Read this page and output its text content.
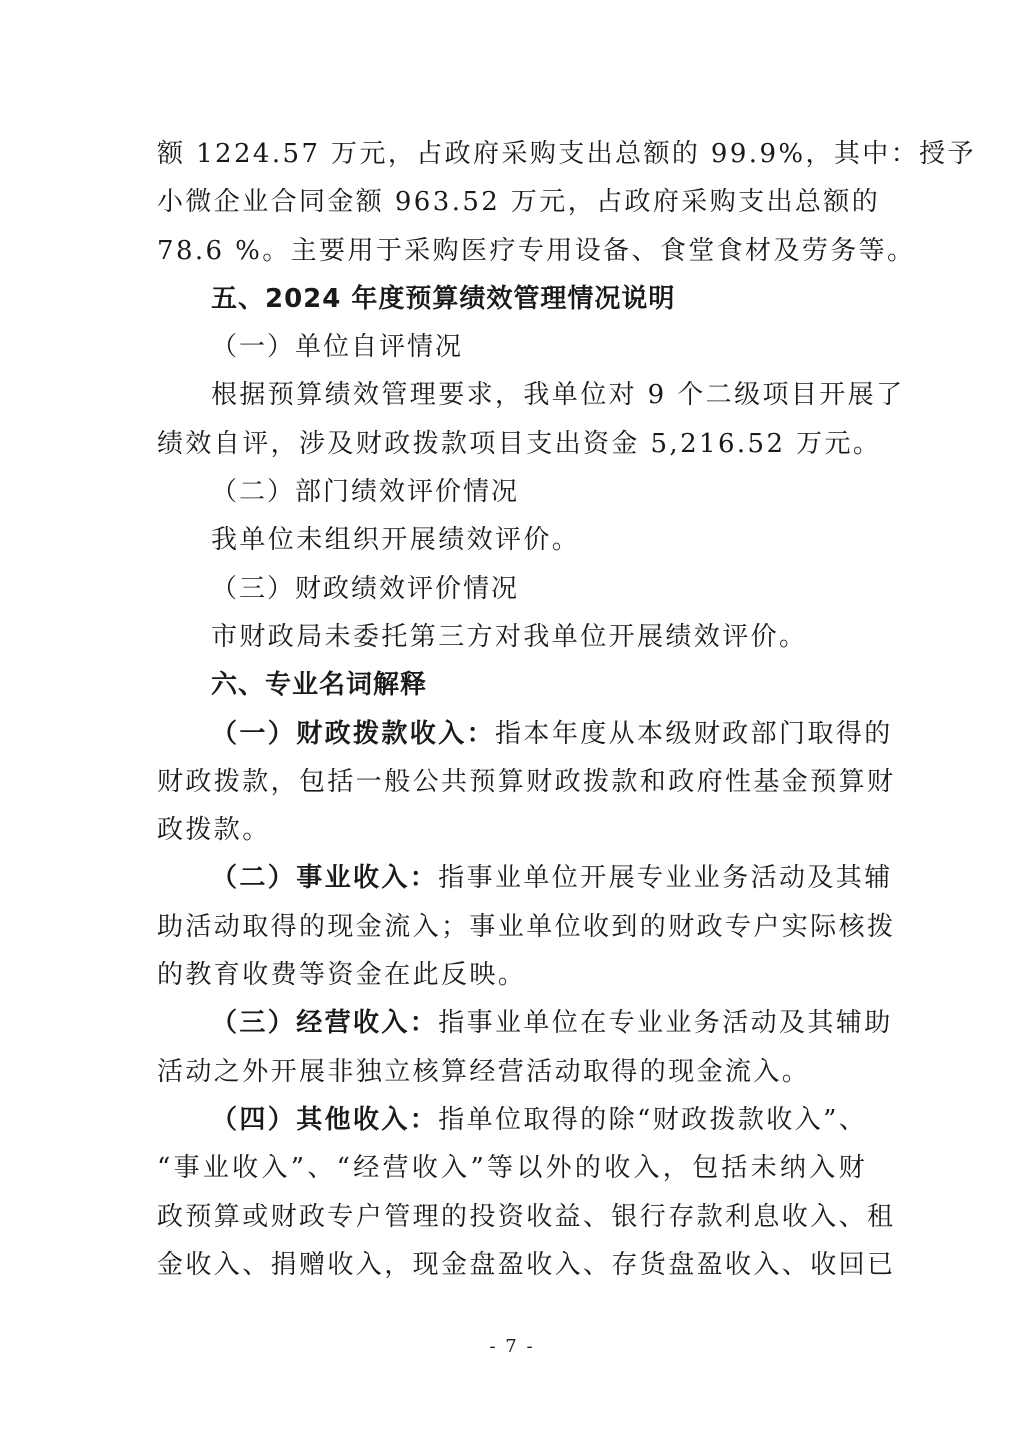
额 1224.57 万元，占政府采购支出总额的 99.9%，其中：授予
小微企业合同金额 963.52 万元，占政府采购支出总额的
78.6 %。主要用于采购医疗专用设备、食堂食材及劳务等。
五、2024 年度预算绩效管理情况说明
（一）单位自评情况
根据预算绩效管理要求，我单位对 9 个二级项目开展了
绩效自评，涉及财政拨款项目支出资金 5,216.52 万元。
（二）部门绩效评价情况
我单位未组织开展绩效评价。
（三）财政绩效评价情况
市财政局未委托第三方对我单位开展绩效评价。
六、专业名词解释
（一）财政拨款收入：指本年度从本级财政部门取得的
财政拨款，包括一般公共预算财政拨款和政府性基金预算财
政拨款。
（二）事业收入：指事业单位开展专业业务活动及其辅
助活动取得的现金流入；事业单位收到的财政专户实际核拨
的教育收费等资金在此反映。
（三）经营收入：指事业单位在专业业务活动及其辅助
活动之外开展非独立核算经营活动取得的现金流入。
（四）其他收入：指单位取得的除“财政拨款收入”、
“事业收入”、“经营收入”等以外的收入，包括未纳入财
政预算或财政专户管理的投资收益、银行存款利息收入、租
金收入、捐赠收入，现金盘盈收入、存货盘盈收入、收回已
- 7 -
